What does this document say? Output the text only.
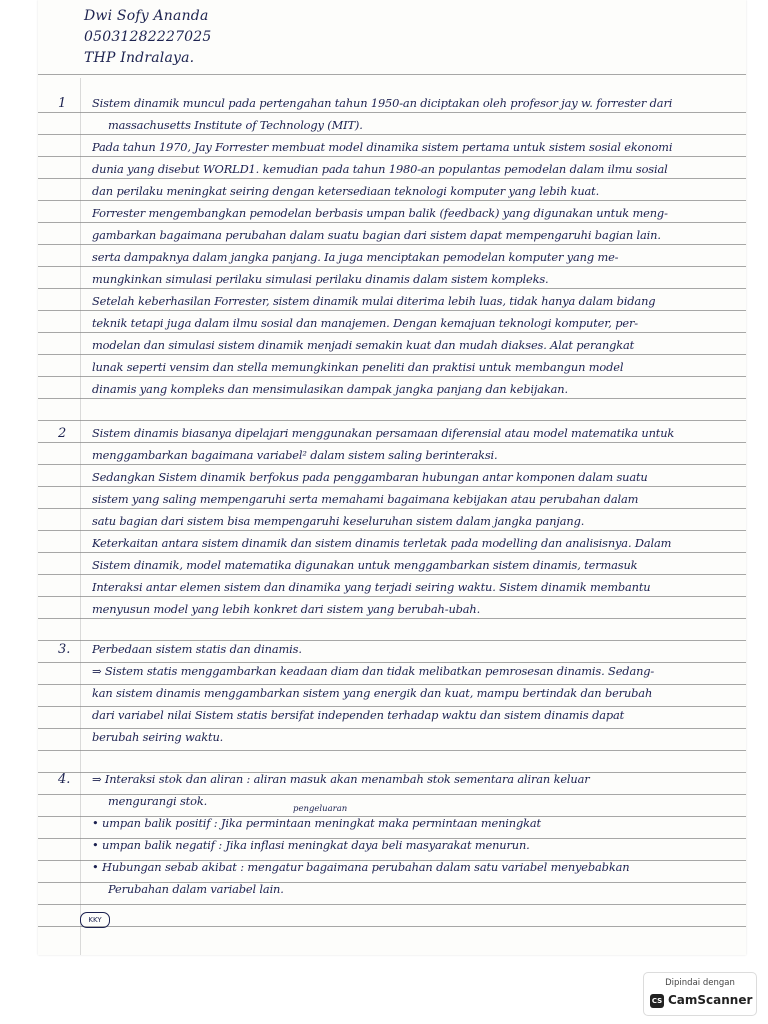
Dwi Sofy Ananda
05031282227025
THP Indralaya.
1 Sistem dinamik muncul pada pertengahan tahun 1950-an diciptakan oleh profesor jay w. forrester dari
massachusetts Institute of Technology (MIT).
Pada tahun 1970, Jay Forrester membuat model dinamika sistem pertama untuk sistem sosial ekonomi
dunia yang disebut WORLD1. kemudian pada tahun 1980-an populantas pemodelan dalam ilmu sosial
dan perilaku meningkat seiring dengan ketersediaan teknologi komputer yang lebih kuat.
Forrester mengembangkan pemodelan berbasis umpan balik (feedback) yang digunakan untuk meng-
gambarkan bagaimana perubahan dalam suatu bagian dari sistem dapat mempengaruhi bagian lain.
serta dampaknya dalam jangka panjang. Ia juga menciptakan pemodelan komputer yang me-
mungkinkan simulasi perilaku simulasi perilaku dinamis dalam sistem kompleks.
Setelah keberhasilan Forrester, sistem dinamik mulai diterima lebih luas, tidak hanya dalam bidang
teknik tetapi juga dalam ilmu sosial dan manajemen. Dengan kemajuan teknologi komputer, per-
modelan dan simulasi sistem dinamik menjadi semakin kuat dan mudah diakses. Alat perangkat
lunak seperti vensim dan stella memungkinkan peneliti dan praktisi untuk membangun model
dinamis yang kompleks dan mensimulasikan dampak jangka panjang dan kebijakan.
2 Sistem dinamis biasanya dipelajari menggunakan persamaan diferensial atau model matematika untuk
menggambarkan bagaimana variabel² dalam sistem saling berinteraksi.
Sedangkan Sistem dinamik berfokus pada penggambaran hubungan antar komponen dalam suatu
sistem yang saling mempengaruhi serta memahami bagaimana kebijakan atau perubahan dalam
satu bagian dari sistem bisa mempengaruhi keseluruhan sistem dalam jangka panjang.
Keterkaitan antara sistem dinamik dan sistem dinamis terletak pada modelling dan analisisnya. Dalam
Sistem dinamik, model matematika digunakan untuk menggambarkan sistem dinamis, termasuk
Interaksi antar elemen sistem dan dinamika yang terjadi seiring waktu. Sistem dinamik membantu
menyusun model yang lebih konkret dari sistem yang berubah-ubah.
3. Perbedaan sistem statis dan dinamis.
⇒ Sistem statis menggambarkan keadaan diam dan tidak melibatkan pemrosesan dinamis. Sedang-
kan sistem dinamis menggambarkan sistem yang energik dan kuat, mampu bertindak dan berubah
dari variabel nilai Sistem statis bersifat independen terhadap waktu dan sistem dinamis dapat
berubah seiring waktu.
4. ⇒ Interaksi stok dan aliran : aliran masuk akan menambah stok sementara aliran keluar
mengurangi stok.
pengeluaran
• umpan balik positif : Jika permintaan meningkat maka permintaan meningkat
• umpan balik negatif : Jika inflasi meningkat daya beli masyarakat menurun.
• Hubungan sebab akibat : mengatur bagaimana perubahan dalam satu variabel menyebabkan
Perubahan dalam variabel lain.
KKY
Dipindai dengan
CS CamScanner
